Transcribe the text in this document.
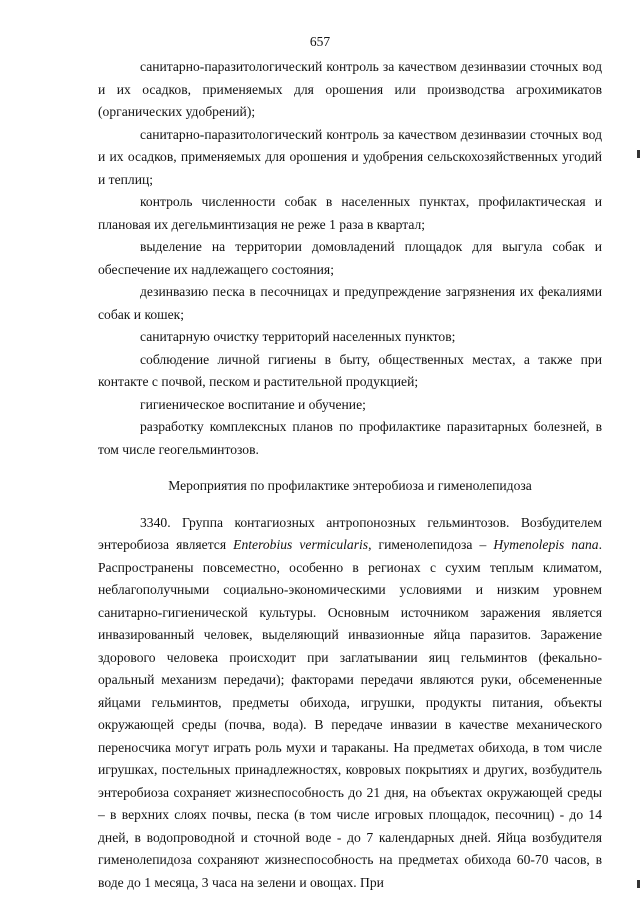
657

санитарно-паразитологический контроль за качеством дезинвазии сточных вод и их осадков, применяемых для орошения или производства агрохимикатов (органических удобрений);

санитарно-паразитологический контроль за качеством дезинвазии сточных вод и их осадков, применяемых для орошения и удобрения сельскохозяйственных угодий и теплиц;

контроль численности собак в населенных пунктах, профилактическая и плановая их дегельминтизация не реже 1 раза в квартал;

выделение на территории домовладений площадок для выгула собак и обеспечение их надлежащего состояния;

дезинвазию песка в песочницах и предупреждение загрязнения их фекалиями собак и кошек;

санитарную очистку территорий населенных пунктов;

соблюдение личной гигиены в быту, общественных местах, а также при контакте с почвой, песком и растительной продукцией;

гигиеническое воспитание и обучение;

разработку комплексных планов по профилактике паразитарных болезней, в том числе геогельминтозов.

Мероприятия по профилактике энтеробиоза и гименолепидоза

3340. Группа контагиозных антропонозных гельминтозов. Возбудителем энтеробиоза является Enterobius vermicularis, гименолепидоза – Hymenolepis nana. Распространены повсеместно, особенно в регионах с сухим теплым климатом, неблагополучными социально-экономическими условиями и низким уровнем санитарно-гигиенической культуры. Основным источником заражения является инвазированный человек, выделяющий инвазионные яйца паразитов. Заражение здорового человека происходит при заглатывании яиц гельминтов (фекально-оральный механизм передачи); факторами передачи являются руки, обсемененные яйцами гельминтов, предметы обихода, игрушки, продукты питания, объекты окружающей среды (почва, вода). В передаче инвазии в качестве механического переносчика могут играть роль мухи и тараканы. На предметах обихода, в том числе игрушках, постельных принадлежностях, ковровых покрытиях и других, возбудитель энтеробиоза сохраняет жизнеспособность до 21 дня, на объектах окружающей среды – в верхних слоях почвы, песка (в том числе игровых площадок, песочниц) - до 14 дней, в водопроводной и сточной воде - до 7 календарных дней. Яйца возбудителя гименолепидоза сохраняют жизнеспособность на предметах обихода 60-70 часов, в воде до 1 месяца, 3 часа на зелени и овощах. При
